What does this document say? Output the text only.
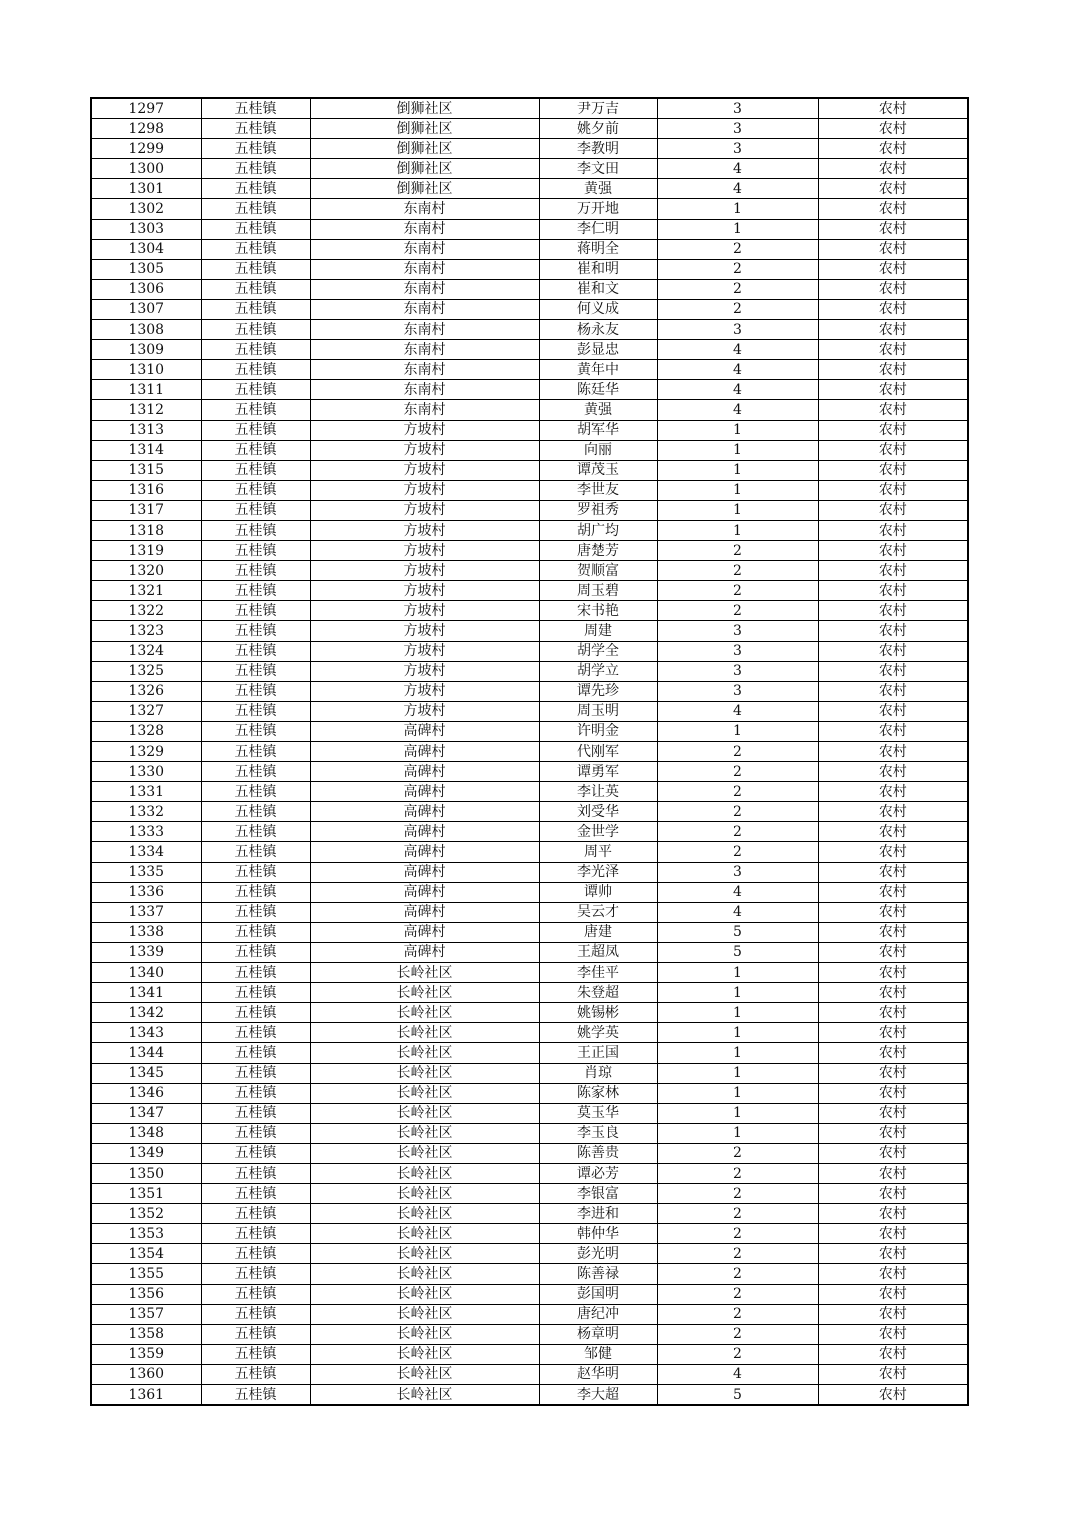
1297	五桂镇	倒狮社区	尹万吉	3	农村
1298	五桂镇	倒狮社区	姚夕前	3	农村
1299	五桂镇	倒狮社区	李教明	3	农村
1300	五桂镇	倒狮社区	李文田	4	农村
1301	五桂镇	倒狮社区	黄强	4	农村
1302	五桂镇	东南村	万开地	1	农村
1303	五桂镇	东南村	李仁明	1	农村
1304	五桂镇	东南村	蒋明全	2	农村
1305	五桂镇	东南村	崔和明	2	农村
1306	五桂镇	东南村	崔和文	2	农村
1307	五桂镇	东南村	何义成	2	农村
1308	五桂镇	东南村	杨永友	3	农村
1309	五桂镇	东南村	彭显忠	4	农村
1310	五桂镇	东南村	黄年中	4	农村
1311	五桂镇	东南村	陈廷华	4	农村
1312	五桂镇	东南村	黄强	4	农村
1313	五桂镇	方坡村	胡军华	1	农村
1314	五桂镇	方坡村	向丽	1	农村
1315	五桂镇	方坡村	谭茂玉	1	农村
1316	五桂镇	方坡村	李世友	1	农村
1317	五桂镇	方坡村	罗祖秀	1	农村
1318	五桂镇	方坡村	胡广均	1	农村
1319	五桂镇	方坡村	唐楚芳	2	农村
1320	五桂镇	方坡村	贺顺富	2	农村
1321	五桂镇	方坡村	周玉碧	2	农村
1322	五桂镇	方坡村	宋书艳	2	农村
1323	五桂镇	方坡村	周建	3	农村
1324	五桂镇	方坡村	胡学全	3	农村
1325	五桂镇	方坡村	胡学立	3	农村
1326	五桂镇	方坡村	谭先珍	3	农村
1327	五桂镇	方坡村	周玉明	4	农村
1328	五桂镇	高碑村	许明金	1	农村
1329	五桂镇	高碑村	代刚军	2	农村
1330	五桂镇	高碑村	谭勇军	2	农村
1331	五桂镇	高碑村	李让英	2	农村
1332	五桂镇	高碑村	刘受华	2	农村
1333	五桂镇	高碑村	金世学	2	农村
1334	五桂镇	高碑村	周平	2	农村
1335	五桂镇	高碑村	李光泽	3	农村
1336	五桂镇	高碑村	谭帅	4	农村
1337	五桂镇	高碑村	吴云才	4	农村
1338	五桂镇	高碑村	唐建	5	农村
1339	五桂镇	高碑村	王超凤	5	农村
1340	五桂镇	长岭社区	李佳平	1	农村
1341	五桂镇	长岭社区	朱登超	1	农村
1342	五桂镇	长岭社区	姚锡彬	1	农村
1343	五桂镇	长岭社区	姚学英	1	农村
1344	五桂镇	长岭社区	王正国	1	农村
1345	五桂镇	长岭社区	肖琼	1	农村
1346	五桂镇	长岭社区	陈家林	1	农村
1347	五桂镇	长岭社区	莫玉华	1	农村
1348	五桂镇	长岭社区	李玉良	1	农村
1349	五桂镇	长岭社区	陈善贵	2	农村
1350	五桂镇	长岭社区	谭必芳	2	农村
1351	五桂镇	长岭社区	李银富	2	农村
1352	五桂镇	长岭社区	李进和	2	农村
1353	五桂镇	长岭社区	韩仲华	2	农村
1354	五桂镇	长岭社区	彭光明	2	农村
1355	五桂镇	长岭社区	陈善禄	2	农村
1356	五桂镇	长岭社区	彭国明	2	农村
1357	五桂镇	长岭社区	唐纪冲	2	农村
1358	五桂镇	长岭社区	杨章明	2	农村
1359	五桂镇	长岭社区	邹健	2	农村
1360	五桂镇	长岭社区	赵华明	4	农村
1361	五桂镇	长岭社区	李大超	5	农村
